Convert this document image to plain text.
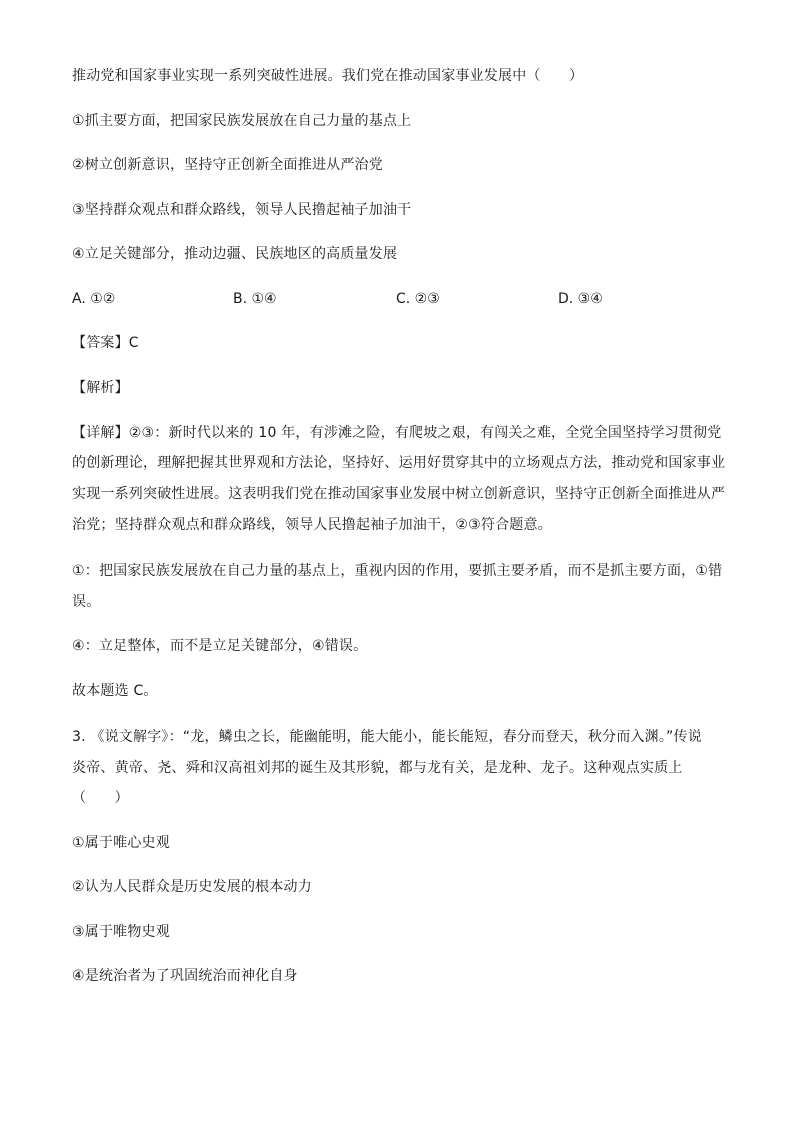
推动党和国家事业实现一系列突破性进展。我们党在推动国家事业发展中（　　）
①抓主要方面，把国家民族发展放在自己力量的基点上
②树立创新意识，坚持守正创新全面推进从严治党
③坚持群众观点和群众路线，领导人民撸起袖子加油干
④立足关键部分，推动边疆、民族地区的高质量发展
A. ①②	B. ①④	C. ②③	D. ③④
【答案】C
【解析】
【详解】②③：新时代以来的 10 年，有涉滩之险，有爬坡之艰，有闯关之难，全党全国坚持学习贯彻党
的创新理论，理解把握其世界观和方法论，坚持好、运用好贯穿其中的立场观点方法，推动党和国家事业
实现一系列突破性进展。这表明我们党在推动国家事业发展中树立创新意识，坚持守正创新全面推进从严
治党；坚持群众观点和群众路线，领导人民撸起袖子加油干，②③符合题意。
①：把国家民族发展放在自己力量的基点上，重视内因的作用，要抓主要矛盾，而不是抓主要方面，①错
误。
④：立足整体，而不是立足关键部分，④错误。
故本题选 C。
3. 《说文解字》：“龙，鳞虫之长，能幽能明，能大能小，能长能短，春分而登天，秋分而入渊。”传说
炎帝、黄帝、尧、舜和汉高祖刘邦的诞生及其形貌，都与龙有关，是龙种、龙子。这种观点实质上
（　　）
①属于唯心史观
②认为人民群众是历史发展的根本动力
③属于唯物史观
④是统治者为了巩固统治而神化自身
